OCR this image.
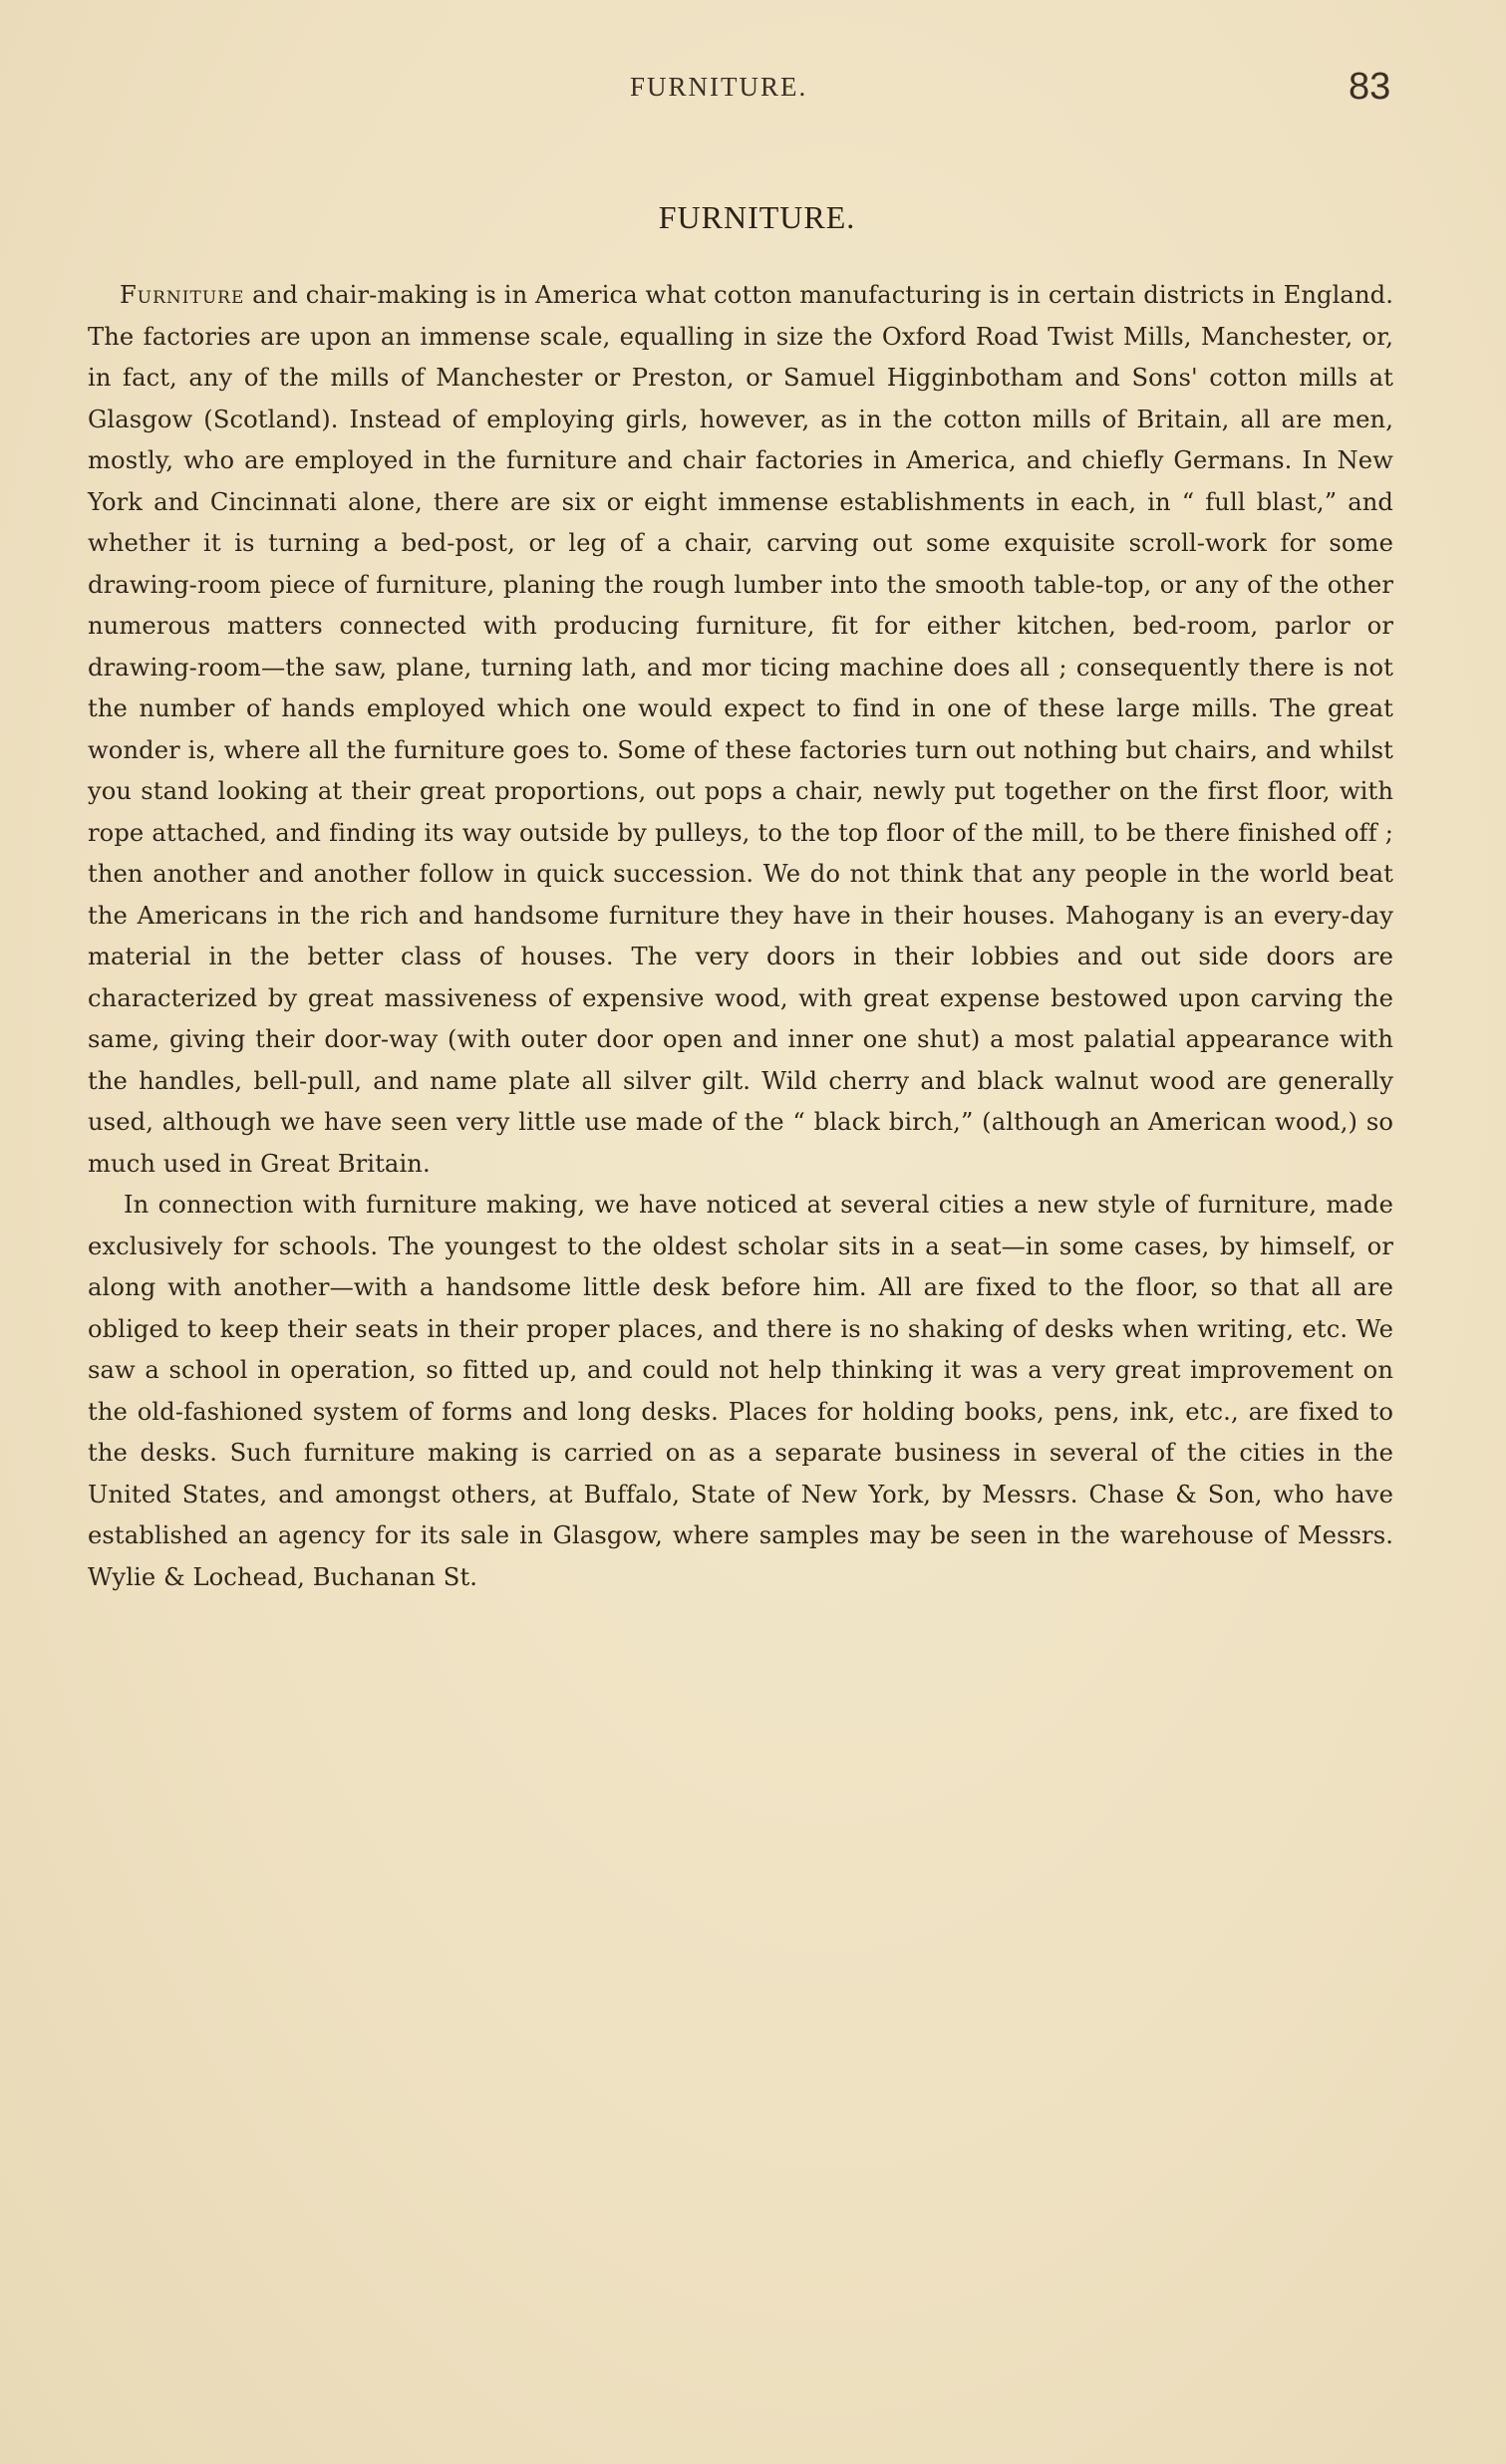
FURNITURE.	83
FURNITURE.

Furniture and chair-making is in America what cotton manufacturing is in certain districts in England. The factories are upon an immense scale, equalling in size the Oxford Road Twist Mills, Manchester, or, in fact, any of the mills of Manchester or Preston, or Samuel Higginbotham and Sons' cotton mills at Glasgow (Scotland). Instead of employing girls, however, as in the cotton mills of Britain, all are men, mostly, who are employed in the furniture and chair factories in America, and chiefly Germans. In New York and Cincinnati alone, there are six or eight immense establishments in each, in “ full blast,” and whether it is turning a bed-post, or leg of a chair, carving out some exquisite scroll-work for some drawing-room piece of furniture, planing the rough lumber into the smooth table-top, or any of the other numerous matters connected with producing furniture, fit for either kitchen, bed-room, parlor or drawing-room—the saw, plane, turning lath, and mor ticing machine does all ; consequently there is not the number of hands employed which one would expect to find in one of these large mills. The great wonder is, where all the furniture goes to. Some of these factories turn out nothing but chairs, and whilst you stand looking at their great proportions, out pops a chair, newly put together on the first floor, with rope attached, and finding its way outside by pulleys, to the top floor of the mill, to be there finished off ; then another and another follow in quick succession. We do not think that any people in the world beat the Americans in the rich and handsome furniture they have in their houses. Mahogany is an every-day material in the better class of houses. The very doors in their lobbies and out side doors are characterized by great massiveness of expensive wood, with great expense bestowed upon carving the same, giving their door-way (with outer door open and inner one shut) a most palatial appearance with the handles, bell-pull, and name plate all silver gilt. Wild cherry and black walnut wood are generally used, although we have seen very little use made of the “ black birch,” (although an American wood,) so much used in Great Britain.

In connection with furniture making, we have noticed at several cities a new style of furniture, made exclusively for schools. The youngest to the oldest scholar sits in a seat—in some cases, by himself, or along with another—with a handsome little desk before him. All are fixed to the floor, so that all are obliged to keep their seats in their proper places, and there is no shaking of desks when writing, etc. We saw a school in operation, so fitted up, and could not help thinking it was a very great improvement on the old-fashioned system of forms and long desks. Places for holding books, pens, ink, etc., are fixed to the desks. Such furniture making is carried on as a separate business in several of the cities in the United States, and amongst others, at Buffalo, State of New York, by Messrs. Chase & Son, who have established an agency for its sale in Glasgow, where samples may be seen in the warehouse of Messrs. Wylie & Lochead, Buchanan St.
